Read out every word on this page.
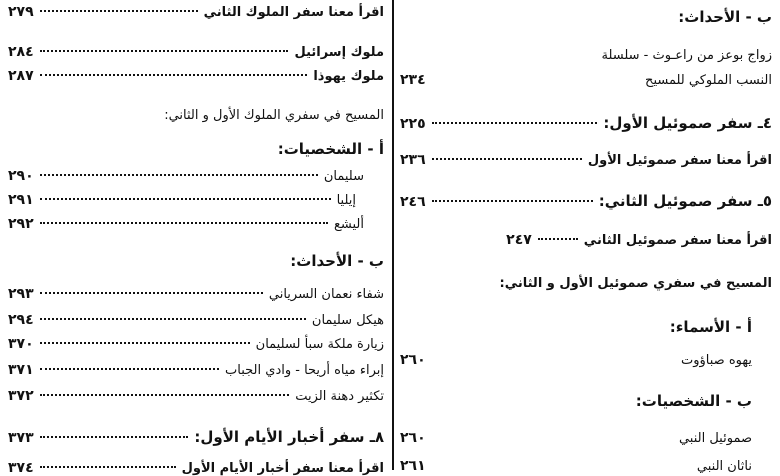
ب - الأحداث:
زواج بوعز من راعـوث - سلسلة
النسب الملوكي للمسيح
٢٣٤
٤ـ سفر صموئيل الأول:
٢٢٥
اقرأ معنا سفر صموئيل الأول
٢٣٦
٥ـ سفر صموئيل الثاني:
٢٤٦
اقرأ معنا سفر صموئيل الثاني
٢٤٧
المسيح في سفري صموئيل الأول و الثاني:
أ - الأسماء:
يهوه صباؤوت
٢٦٠
ب - الشخصيات:
صموئيل النبي
٢٦٠
ناثان النبي
٢٦١
اقرأ معنا سفر الملوك الثاني
٢٧٩
ملوك إسرائيل
٢٨٤
ملوك يهوذا
٢٨٧
المسيح في سفري الملوك الأول و الثاني:
أ - الشخصيات:
سليمان
٢٩٠
إيليا
٢٩١
أليشع
٢٩٢
ب - الأحداث:
شفاء نعمان السرياني
٢٩٣
هيكل سليمان
٢٩٤
زيارة ملكة سبأ لسليمان
٣٧٠
إبراء مياه أريحا - وادي الجباب
٣٧١
تكثير دهنة الزيت
٣٧٢
٨ـ سفر أخبار الأيام الأول:
٣٧٣
اقرأ معنا سفر أخبار الأيام الأول
٣٧٤
